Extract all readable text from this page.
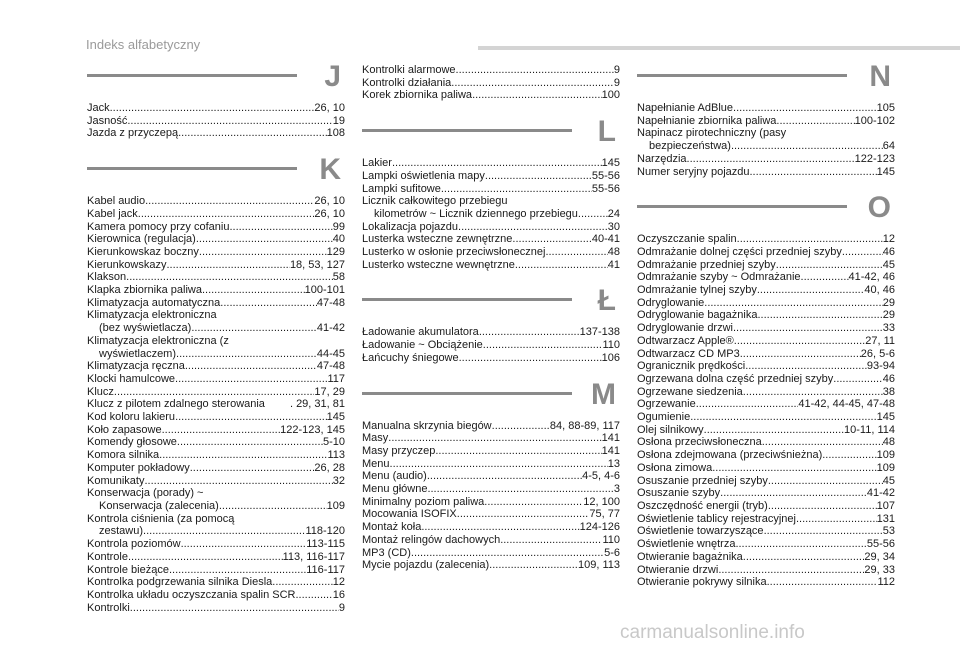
Indeks alfabetyczny
J
Jack .....	26, 10
Jasność .....	19
Jazda z przyczepą .....	108
K
Kabel audio .....	26, 10
Kabel jack .....	26, 10
Kamera pomocy przy cofaniu .....	99
Kierownica (regulacja) .....	40
Kierunkowskaz boczny .....	129
Kierunkowskazy .....	18, 53, 127
Klakson .....	58
Klapka zbiornika paliwa .....	100-101
Klimatyzacja automatyczna .....	47-48
Klimatyzacja elektroniczna
(bez wyświetlacza) .....	41-42
Klimatyzacja elektroniczna (z
wyświetlaczem) .....	44-45
Klimatyzacja ręczna .....	47-48
Klocki hamulcowe .....	117
Klucz .....	17, 29
Klucz z pilotem zdalnego sterowania . 29, 31, 81
Kod koloru lakieru .....	145
Koło zapasowe .....	122-123, 145
Komendy głosowe .....	5-10
Komora silnika .....	113
Komputer pokładowy .....	26, 28
Komunikaty .....	32
Konserwacja (porady) ~
Konserwacja (zalecenia) .....	109
Kontrola ciśnienia (za pomocą
zestawu) .....	118-120
Kontrola poziomów .....	113-115
Kontrole .....	113, 116-117
Kontrole bieżące .....	116-117
Kontrolka podgrzewania silnika Diesla .....	12
Kontrolka układu oczyszczania spalin SCR .....	16
Kontrolki .....	9
Kontrolki alarmowe .....	9
Kontrolki działania .....	9
Korek zbiornika paliwa .....	100
L
Lakier .....	145
Lampki oświetlenia mapy .....	55-56
Lampki sufitowe .....	55-56
Licznik całkowitego przebiegu
kilometrów ~ Licznik dziennego przebiegu .....	24
Lokalizacja pojazdu .....	30
Lusterka wsteczne zewnętrzne .....	40-41
Lusterko w osłonie przeciwsłonecznej .....	48
Lusterko wsteczne wewnętrzne .....	41
Ł
Ładowanie akumulatora .....	137-138
Ładowanie ~ Obciążenie .....	110
Łańcuchy śniegowe .....	106
M
Manualna skrzynia biegów .....	84, 88-89, 117
Masy .....	141
Masy przyczep .....	141
Menu .....	13
Menu (audio) .....	4-5, 4-6
Menu główne .....	3
Minimalny poziom paliwa .....	12, 100
Mocowania ISOFIX .....	75, 77
Montaż koła .....	124-126
Montaż relingów dachowych .....	110
MP3 (CD) .....	5-6
Mycie pojazdu (zalecenia) .....	109, 113
N
Napełnianie AdBlue .....	105
Napełnianie zbiornika paliwa .....	100-102
Napinacz pirotechniczny (pasy
bezpieczeństwa) .....	64
Narzędzia .....	122-123
Numer seryjny pojazdu .....	145
O
Oczyszczanie spalin .....	12
Odmrażanie dolnej części przedniej szyby .....	46
Odmrażanie przedniej szyby .....	45
Odmrażanie szyby ~ Odmrażanie .....	41-42, 46
Odmrażanie tylnej szyby .....	40, 46
Odryglowanie .....	29
Odryglowanie bagażnika .....	29
Odryglowanie drzwi .....	33
Odtwarzacz Apple® .....	27, 11
Odtwarzacz CD MP3 .....	26, 5-6
Ogranicznik prędkości .....	93-94
Ogrzewana dolna część przedniej szyby .....	46
Ogrzewane siedzenia .....	38
Ogrzewanie .....	41-42, 44-45, 47-48
Ogumienie .....	145
Olej silnikowy .....	10-11, 114
Osłona przeciwsłoneczna .....	48
Osłona zdejmowana (przeciwśnieżna) .....	109
Osłona zimowa .....	109
Osuszanie przedniej szyby .....	45
Osuszanie szyby .....	41-42
Oszczędność energii (tryb) .....	107
Oświetlenie tablicy rejestracyjnej .....	131
Oświetlenie towarzyszące .....	53
Oświetlenie wnętrza .....	55-56
Otwieranie bagażnika .....	29, 34
Otwieranie drzwi .....	29, 33
Otwieranie pokrywy silnika .....	112
carmanualsonline.info
